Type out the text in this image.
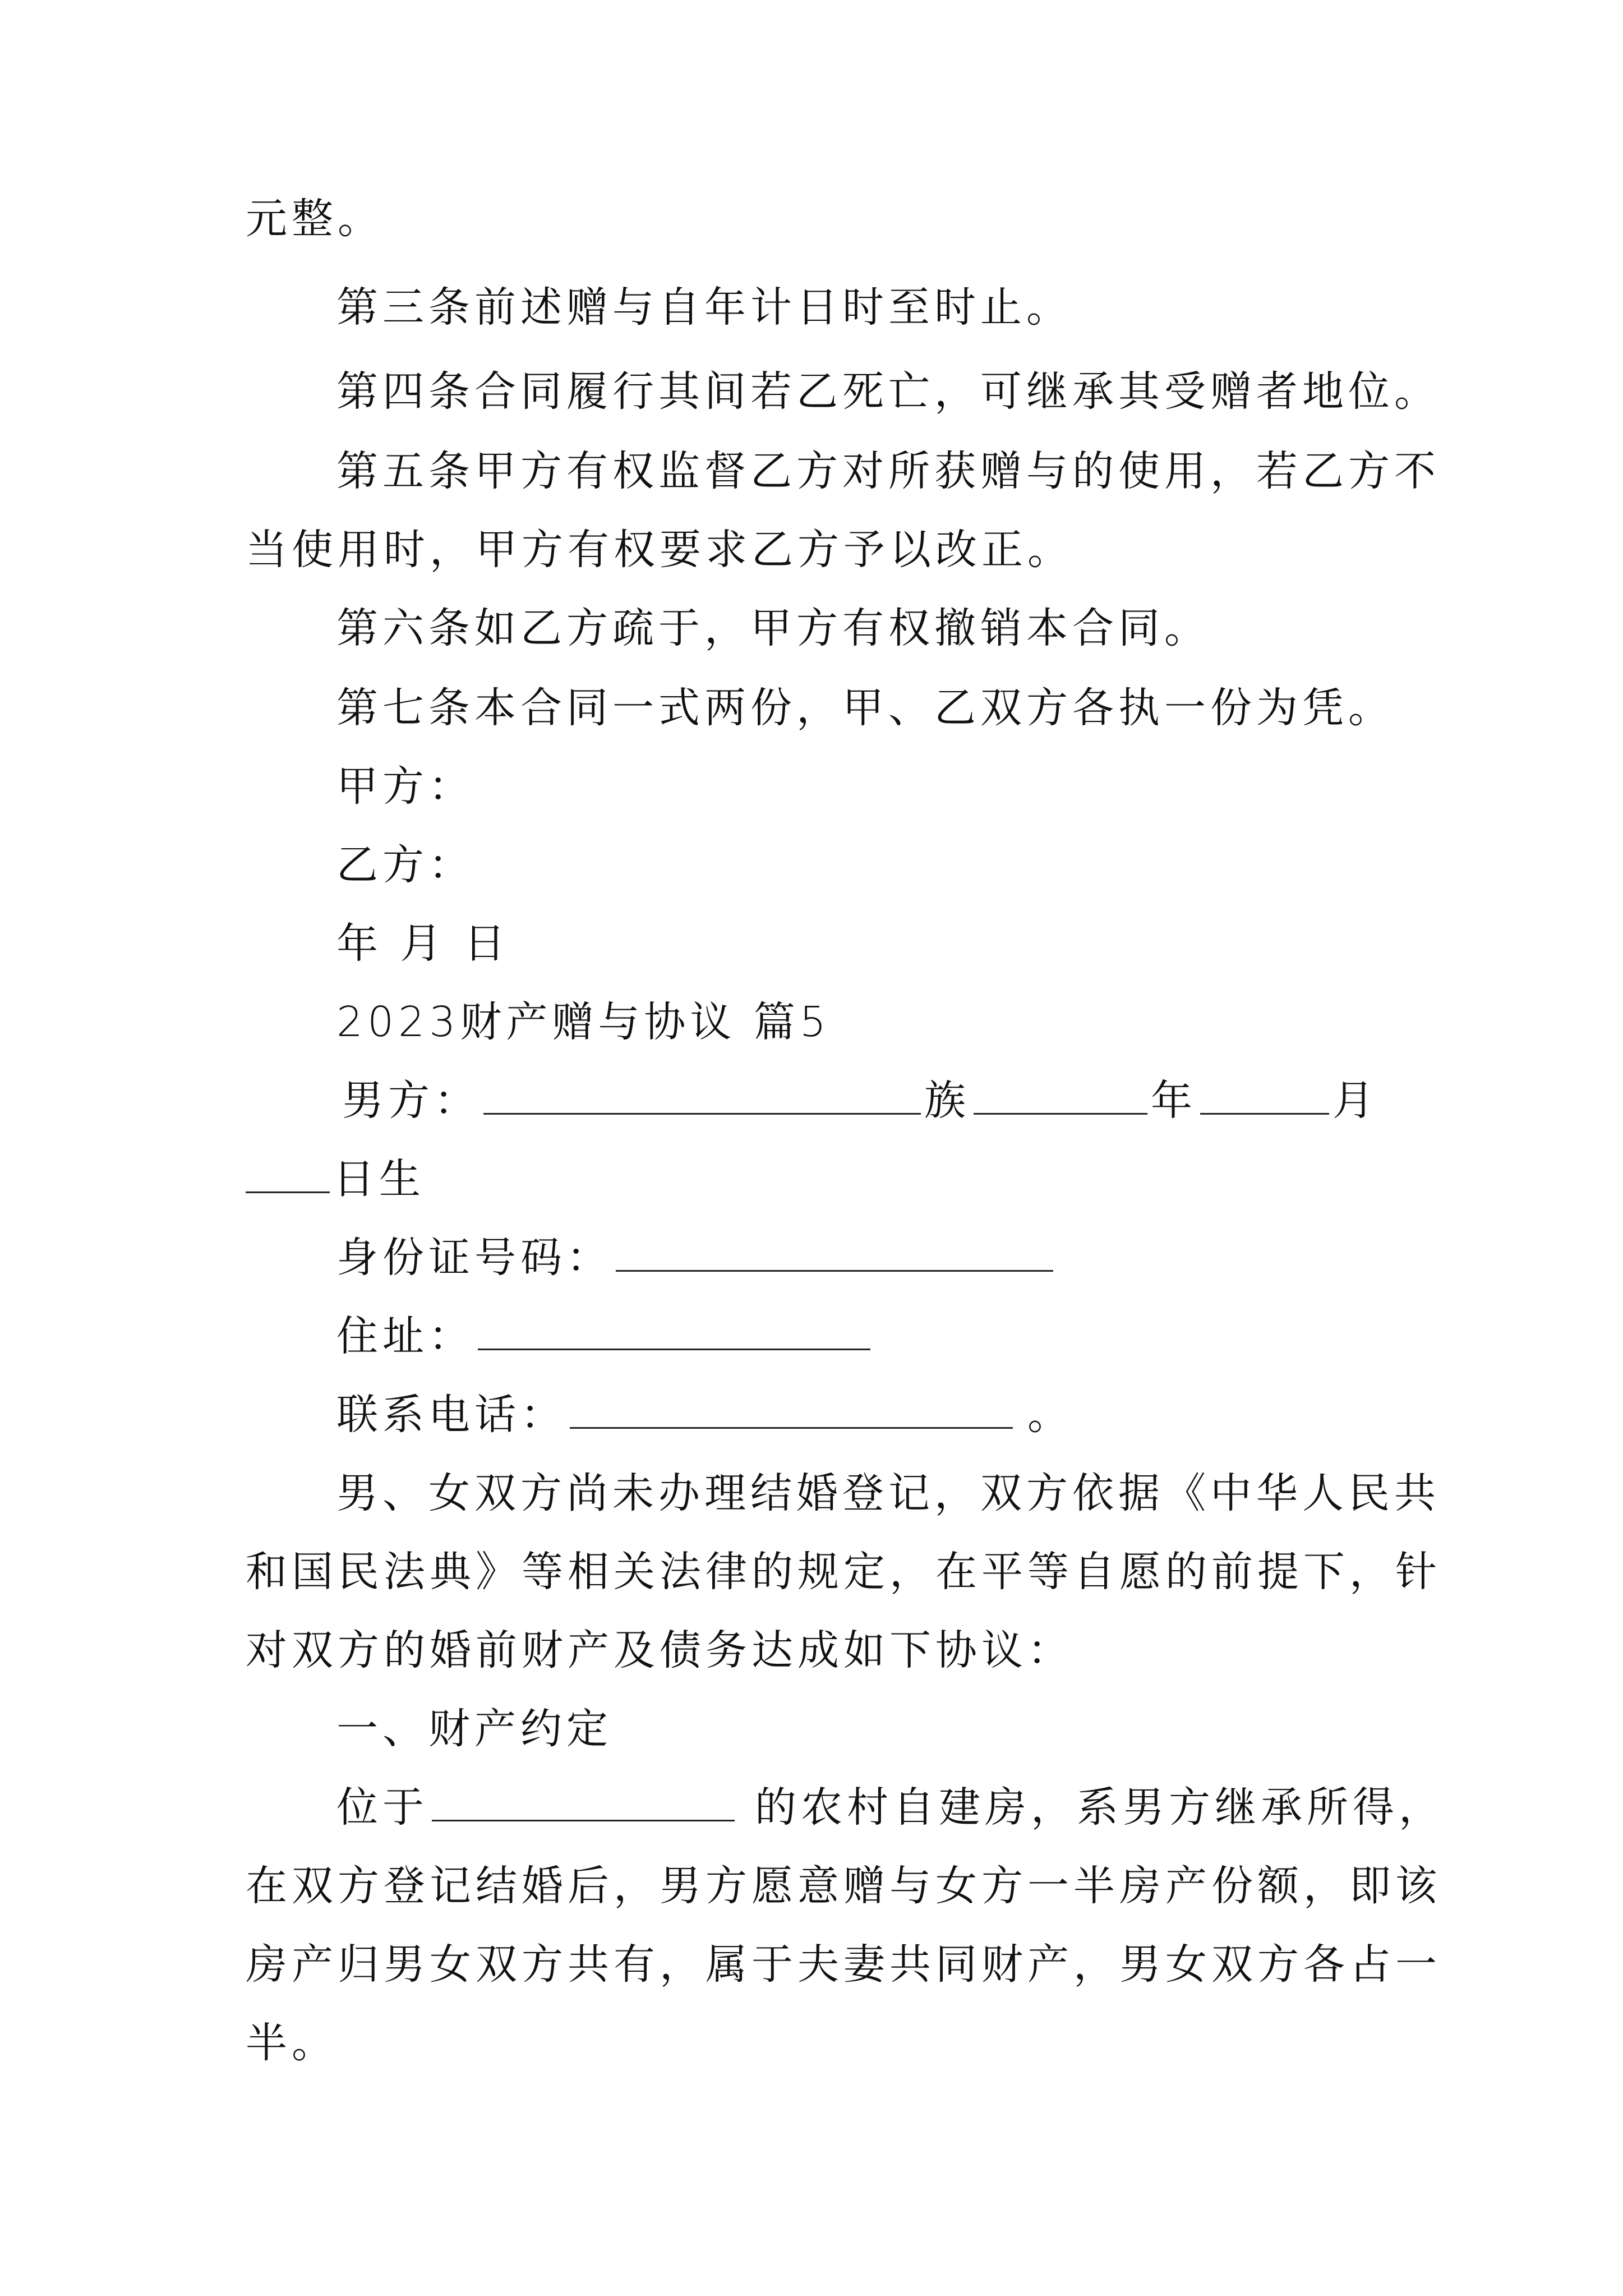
元整。
第三条前述赠与自年计日时至时止。
第四条合同履行其间若乙死亡，可继承其受赠者地位。
第五条甲方有权监督乙方对所获赠与的使用，若乙方不
当使用时，甲方有权要求乙方予以改正。
第六条如乙方疏于，甲方有权撤销本合同。
第七条本合同一式两份，甲、乙双方各执一份为凭。
甲方：
乙方：
年 月 日
2023财产赠与协议 篇5
男方：	族	年	月
日生
身份证号码：
住址：
联系电话：	。
男、女双方尚未办理结婚登记，双方依据《中华人民共
和国民法典》等相关法律的规定，在平等自愿的前提下，针
对双方的婚前财产及债务达成如下协议：
一、财产约定
位于	的农村自建房，系男方继承所得，
在双方登记结婚后，男方愿意赠与女方一半房产份额，即该
房产归男女双方共有，属于夫妻共同财产，男女双方各占一
半。
